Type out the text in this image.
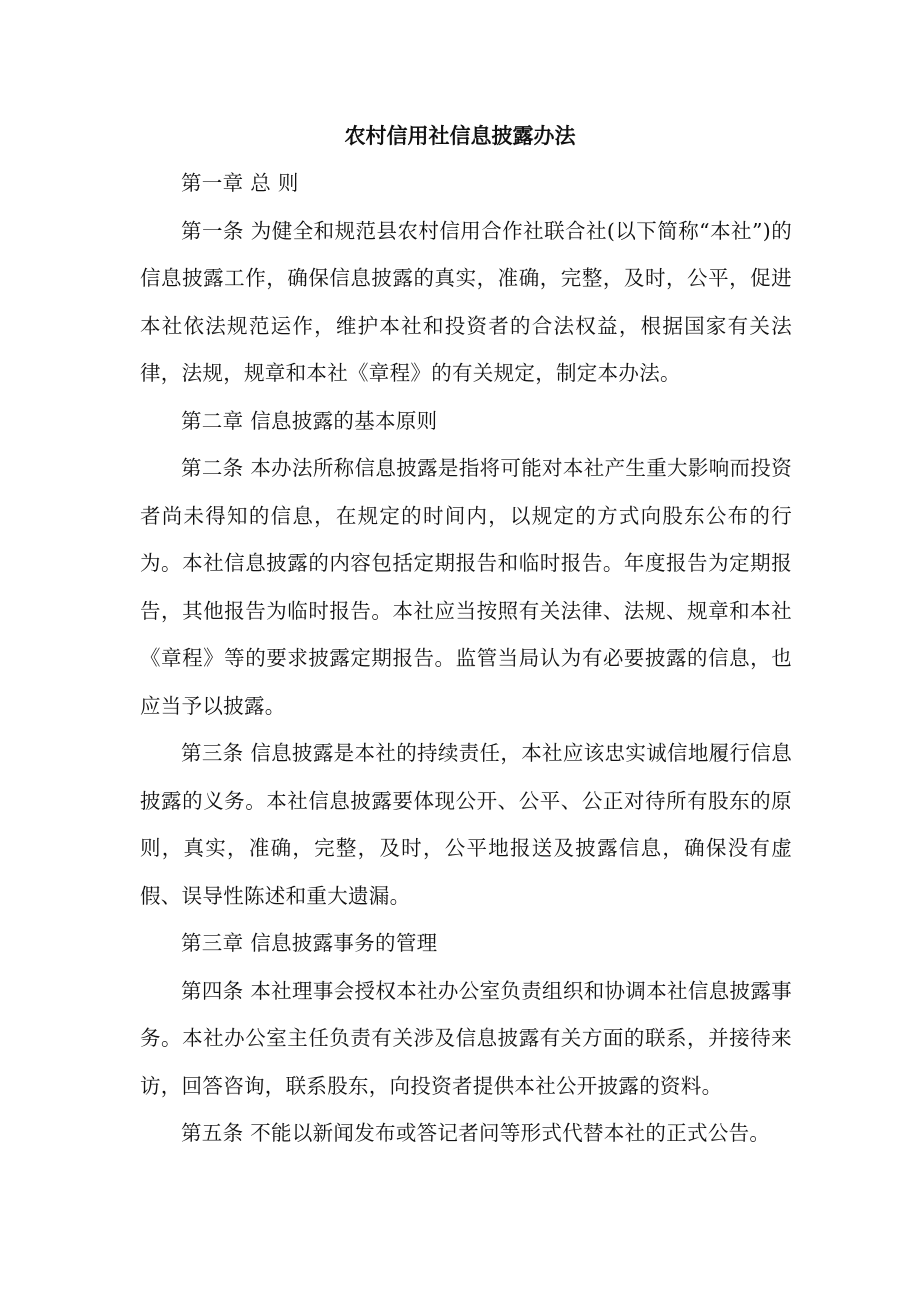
农村信用社信息披露办法

第一章 总 则

第一条 为健全和规范县农村信用合作社联合社(以下简称“本社”)的信息披露工作，确保信息披露的真实，准确，完整，及时，公平，促进本社依法规范运作，维护本社和投资者的合法权益，根据国家有关法律，法规，规章和本社《章程》的有关规定，制定本办法。

第二章 信息披露的基本原则

第二条 本办法所称信息披露是指将可能对本社产生重大影响而投资者尚未得知的信息，在规定的时间内，以规定的方式向股东公布的行为。本社信息披露的内容包括定期报告和临时报告。年度报告为定期报告，其他报告为临时报告。本社应当按照有关法律、法规、规章和本社《章程》等的要求披露定期报告。监管当局认为有必要披露的信息，也应当予以披露。

第三条 信息披露是本社的持续责任，本社应该忠实诚信地履行信息披露的义务。本社信息披露要体现公开、公平、公正对待所有股东的原则，真实，准确，完整，及时，公平地报送及披露信息，确保没有虚假、误导性陈述和重大遗漏。

第三章 信息披露事务的管理

第四条 本社理事会授权本社办公室负责组织和协调本社信息披露事务。本社办公室主任负责有关涉及信息披露有关方面的联系，并接待来访，回答咨询，联系股东，向投资者提供本社公开披露的资料。

第五条 不能以新闻发布或答记者问等形式代替本社的正式公告。
